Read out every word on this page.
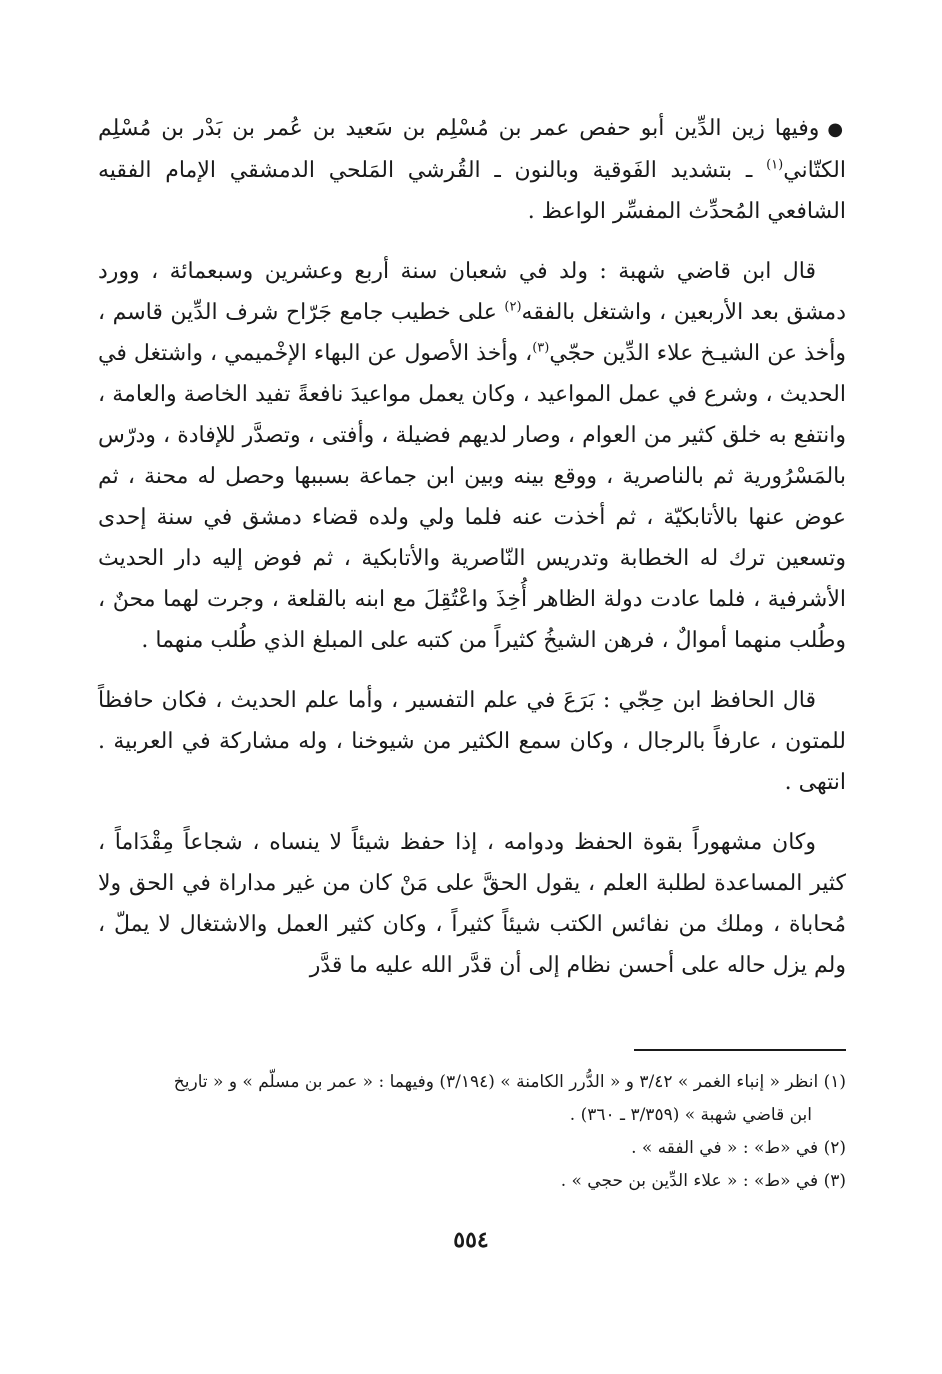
●وفيها زين الدِّين أبو حفص عمر بن مُسْلِم بن سَعيد بن عُمر بن بَدْر بن مُسْلِم الكتّاني$^{(١)}$ ـ بتشديد الفَوقية وبالنون ـ القُرشي المَلحي الدمشقي الإمام الفقيه الشافعي المُحدِّث المفسِّر الواعظ .

قال ابن قاضي شهبة : ولد في شعبان سنة أربع وعشرين وسبعمائة ، وورد دمشق بعد الأربعين ، واشتغل بالفقه$^{(٢)}$ على خطيب جامع جَرّاح شرف الدِّين قاسم ، وأخذ عن الشيـخ علاء الدِّين حجّي$^{(٣)}$، وأخذ الأصول عن البهاء الإخْميمي ، واشتغل في الحديث ، وشرع في عمل المواعيد ، وكان يعمل مواعيدَ نافعةً تفيد الخاصة والعامة ، وانتفع به خلق كثير من العوام ، وصار لديهم فضيلة ، وأفتى ، وتصدَّر للإفادة ، ودرّس بالمَسْرُورية ثم بالناصرية ، ووقع بينه وبين ابن جماعة بسببها وحصل له محنة ، ثم عوض عنها بالأتابكيّة ، ثم أخذت عنه فلما ولي ولده قضاء دمشق في سنة إحدى وتسعين ترك له الخطابة وتدريس النّاصرية والأتابكية ، ثم فوض إليه دار الحديث الأشرفية ، فلما عادت دولة الظاهر أُخِذَ واعْتُقِلَ مع ابنه بالقلعة ، وجرت لهما محنٌ ، وطُلب منهما أموالٌ ، فرهن الشيخُ كثيراً من كتبه على المبلغ الذي طُلب منهما .

قال الحافظ ابن حِجّي : بَرَعَ في علم التفسير ، وأما علم الحديث ، فكان حافظاً للمتون ، عارفاً بالرجال ، وكان سمع الكثير من شيوخنا ، وله مشاركة في العربية . انتهى .

وكان مشهوراً بقوة الحفظ ودوامه ، إذا حفظ شيئاً لا ينساه ، شجاعاً مِقْدَاماً ، كثير المساعدة لطلبة العلم ، يقول الحقَّ على مَنْ كان من غير مداراة في الحق ولا مُحاباة ، وملك من نفائس الكتب شيئاً كثيراً ، وكان كثير العمل والاشتغال لا يملّ ، ولم يزل حاله على أحسن نظام إلى أن قدَّر الله عليه ما قدَّر

(١) انظر « إنباء الغمر » ٣/٤٢ و « الدُّرر الكامنة » (٣/١٩٤) وفيهما : « عمر بن مسلّم » و « تاريخ

ابن قاضي شهبة » (٣/٣٥٩ ـ ٣٦٠) .

(٢) في «ط» : « في الفقه » .

(٣) في «ط» : « علاء الدِّين بن حجي » .

٥٥٤
